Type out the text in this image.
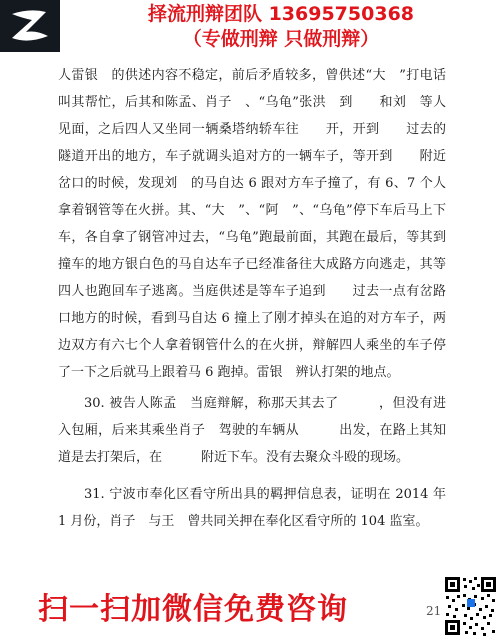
择流刑辩团队 13695750368
（专做刑辩 只做刑辩）

人雷银　的供述内容不稳定，前后矛盾较多，曾供述“大　”打电话叫其帮忙，后其和陈孟、肖子　、“乌龟”张洪　到　　和刘　等人见面，之后四人又坐同一辆桑塔纳轿车往　　开，开到　　过去的隧道开出的地方，车子就调头追对方的一辆车子，等开到　　附近岔口的时候，发现刘　的马自达 6 跟对方车子撞了，有 6、7 个人拿着钢管等在火拼。其、“大　”、“阿　”、“乌龟”停下车后马上下车，各自拿了钢管冲过去，“乌龟”跑最前面，其跑在最后，等其到撞车的地方银白色的马自达车子已经准备往大成路方向逃走，其等四人也跑回车子逃离。当庭供述是等车子追到　　过去一点有岔路口地方的时候，看到马自达 6 撞上了刚才掉头在追的对方车子，两边双方有六七个人拿着钢管什么的在火拼，辩解四人乘坐的车子停了一下之后就马上跟着马 6 跑掉。雷银　辨认打架的地点。

30. 被告人陈孟　当庭辩解，称那天其去了　　　，但没有进入包厢，后来其乘坐肖子　驾驶的车辆从　　　出发，在路上其知道是去打架后，在　　　附近下车。没有去聚众斗殴的现场。

31. 宁波市奉化区看守所出具的羁押信息表，证明在 2014 年 1 月份，肖子　与王　曾共同关押在奉化区看守所的 104 监室。

扫一扫加微信免费咨询	21
